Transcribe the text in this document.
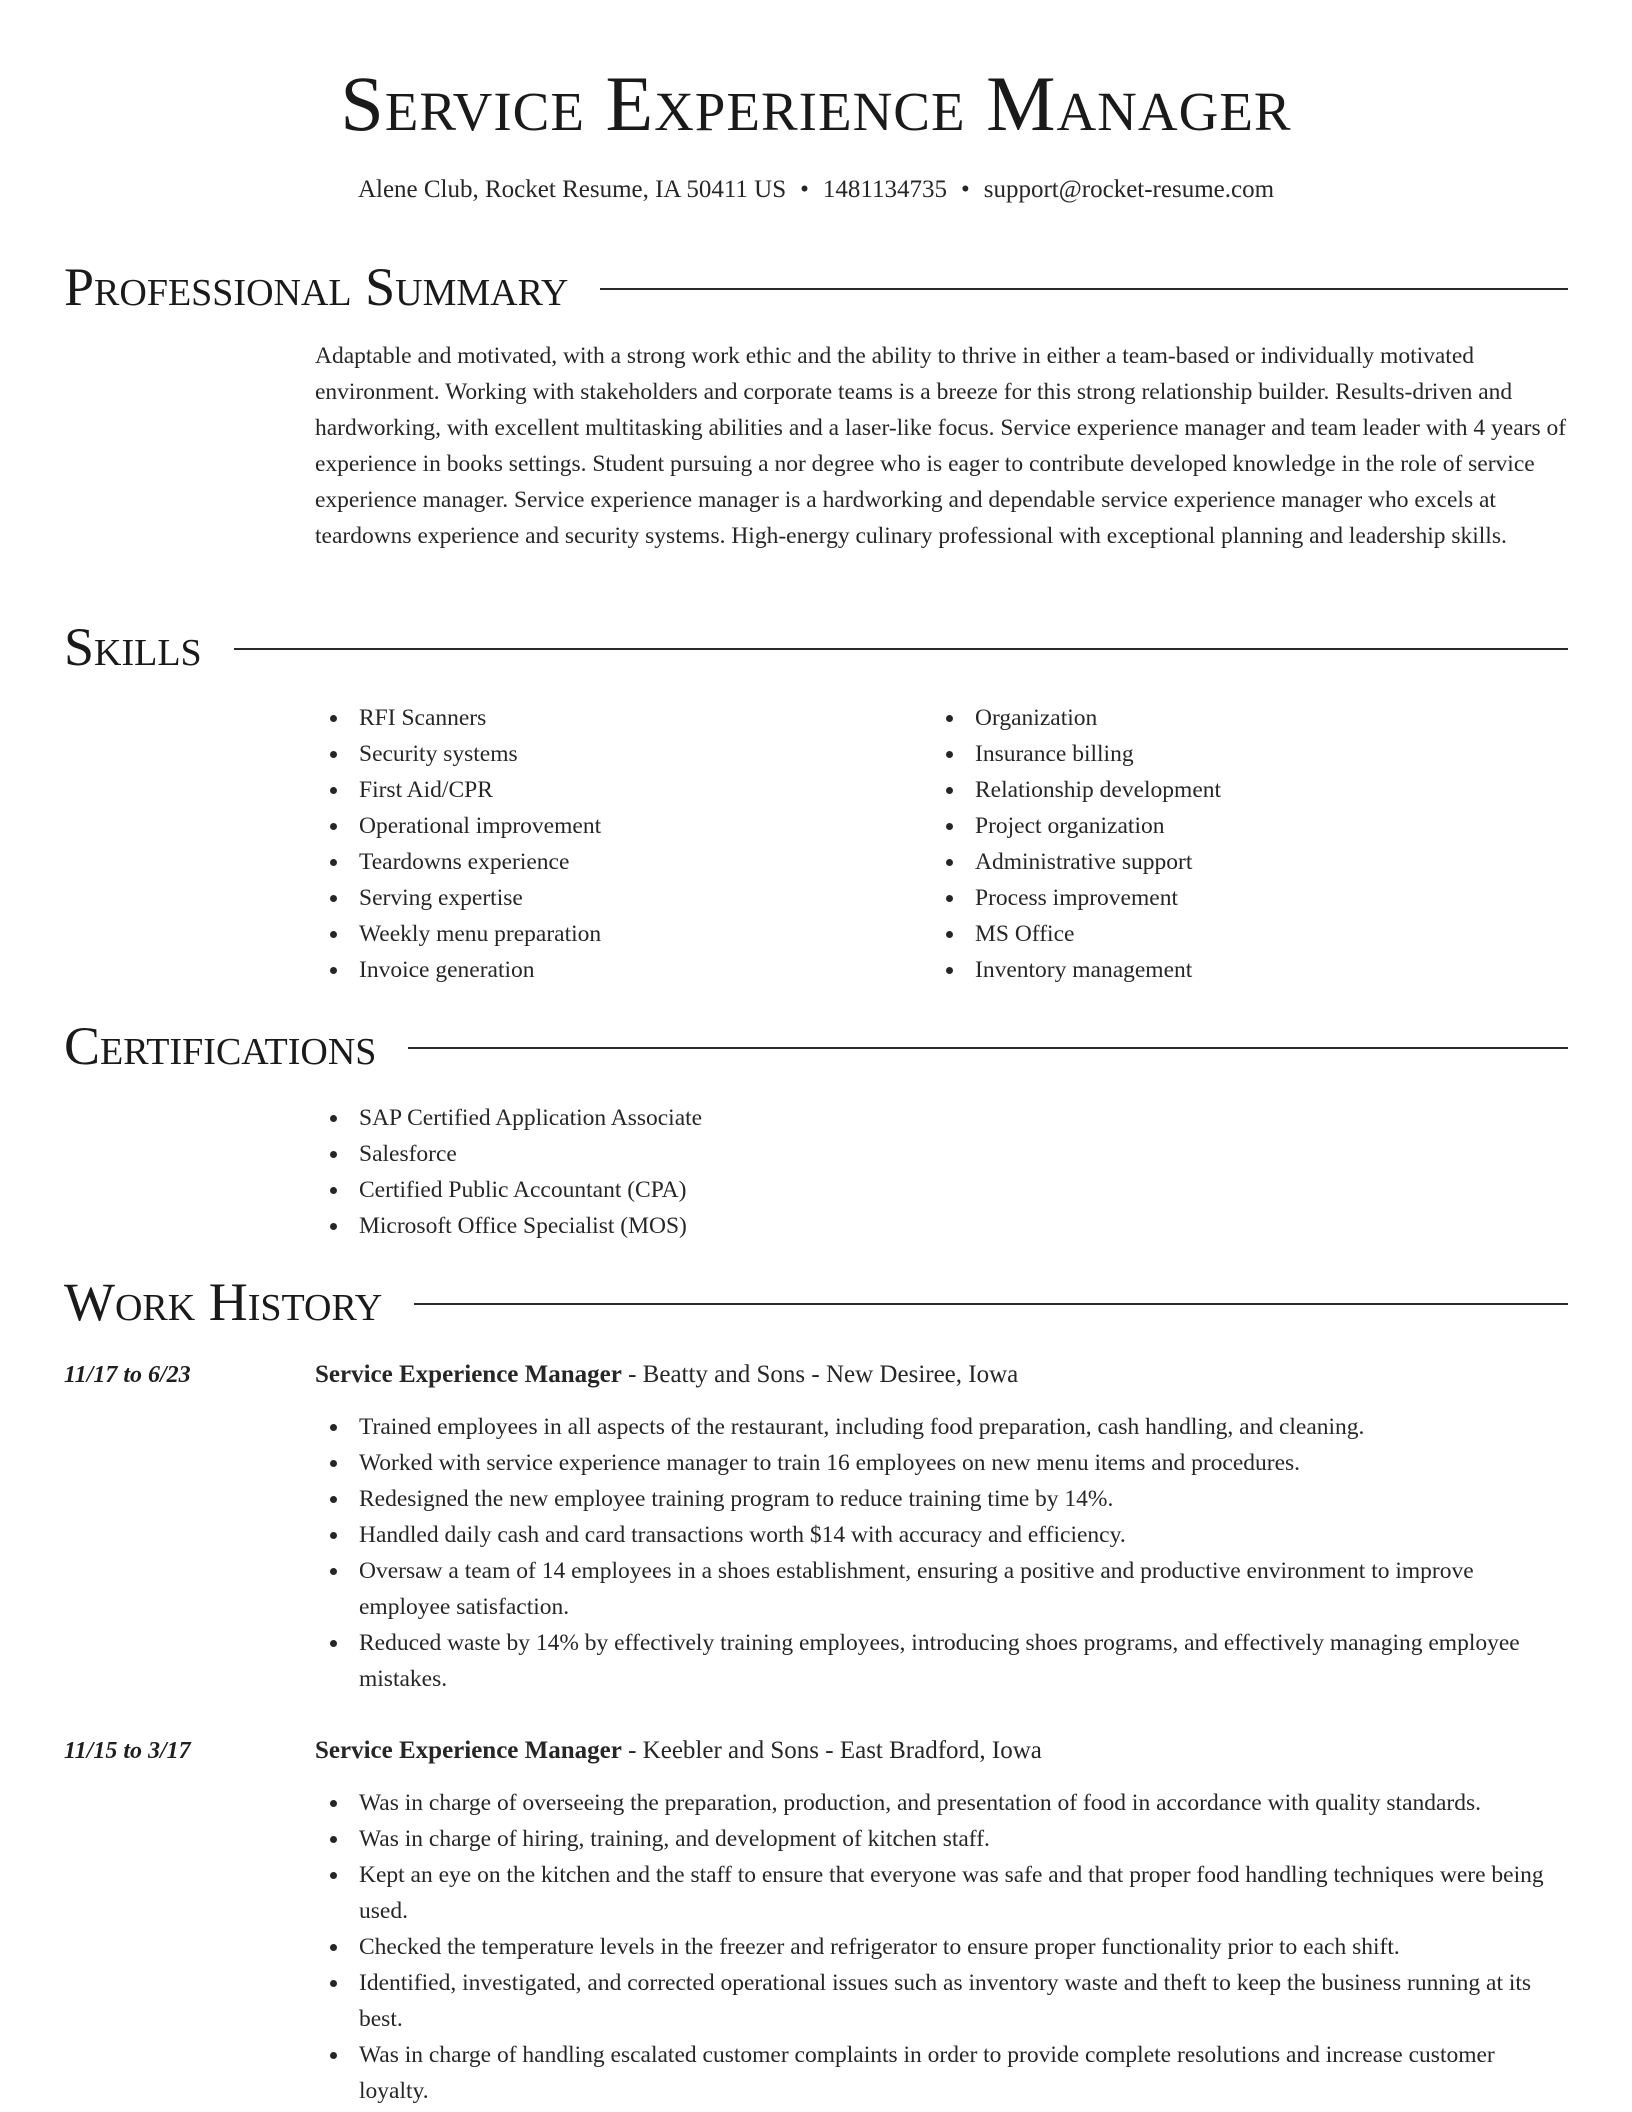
Service Experience Manager
Alene Club, Rocket Resume, IA 50411 US • 1481134735 • support@rocket-resume.com
Professional Summary

Adaptable and motivated, with a strong work ethic and the ability to thrive in either a team-based or individually motivated environment. Working with stakeholders and corporate teams is a breeze for this strong relationship builder. Results-driven and hardworking, with excellent multitasking abilities and a laser-like focus. Service experience manager and team leader with 4 years of experience in books settings. Student pursuing a nor degree who is eager to contribute developed knowledge in the role of service experience manager. Service experience manager is a hardworking and dependable service experience manager who excels at teardowns experience and security systems. High-energy culinary professional with exceptional planning and leadership skills.

Skills
RFI Scanners
Security systems
First Aid/CPR
Operational improvement
Teardowns experience
Serving expertise
Weekly menu preparation
Invoice generation
Organization
Insurance billing
Relationship development
Project organization
Administrative support
Process improvement
MS Office
Inventory management
Certifications
SAP Certified Application Associate
Salesforce
Certified Public Accountant (CPA)
Microsoft Office Specialist (MOS)
Work History
11/17 to 6/23	Service Experience Manager - Beatty and Sons - New Desiree, Iowa
Trained employees in all aspects of the restaurant, including food preparation, cash handling, and cleaning.
Worked with service experience manager to train 16 employees on new menu items and procedures.
Redesigned the new employee training program to reduce training time by 14%.
Handled daily cash and card transactions worth $14 with accuracy and efficiency.
Oversaw a team of 14 employees in a shoes establishment, ensuring a positive and productive environment to improve employee satisfaction.
Reduced waste by 14% by effectively training employees, introducing shoes programs, and effectively managing employee mistakes.
11/15 to 3/17	Service Experience Manager - Keebler and Sons - East Bradford, Iowa
Was in charge of overseeing the preparation, production, and presentation of food in accordance with quality standards.
Was in charge of hiring, training, and development of kitchen staff.
Kept an eye on the kitchen and the staff to ensure that everyone was safe and that proper food handling techniques were being used.
Checked the temperature levels in the freezer and refrigerator to ensure proper functionality prior to each shift.
Identified, investigated, and corrected operational issues such as inventory waste and theft to keep the business running at its best.
Was in charge of handling escalated customer complaints in order to provide complete resolutions and increase customer loyalty.
